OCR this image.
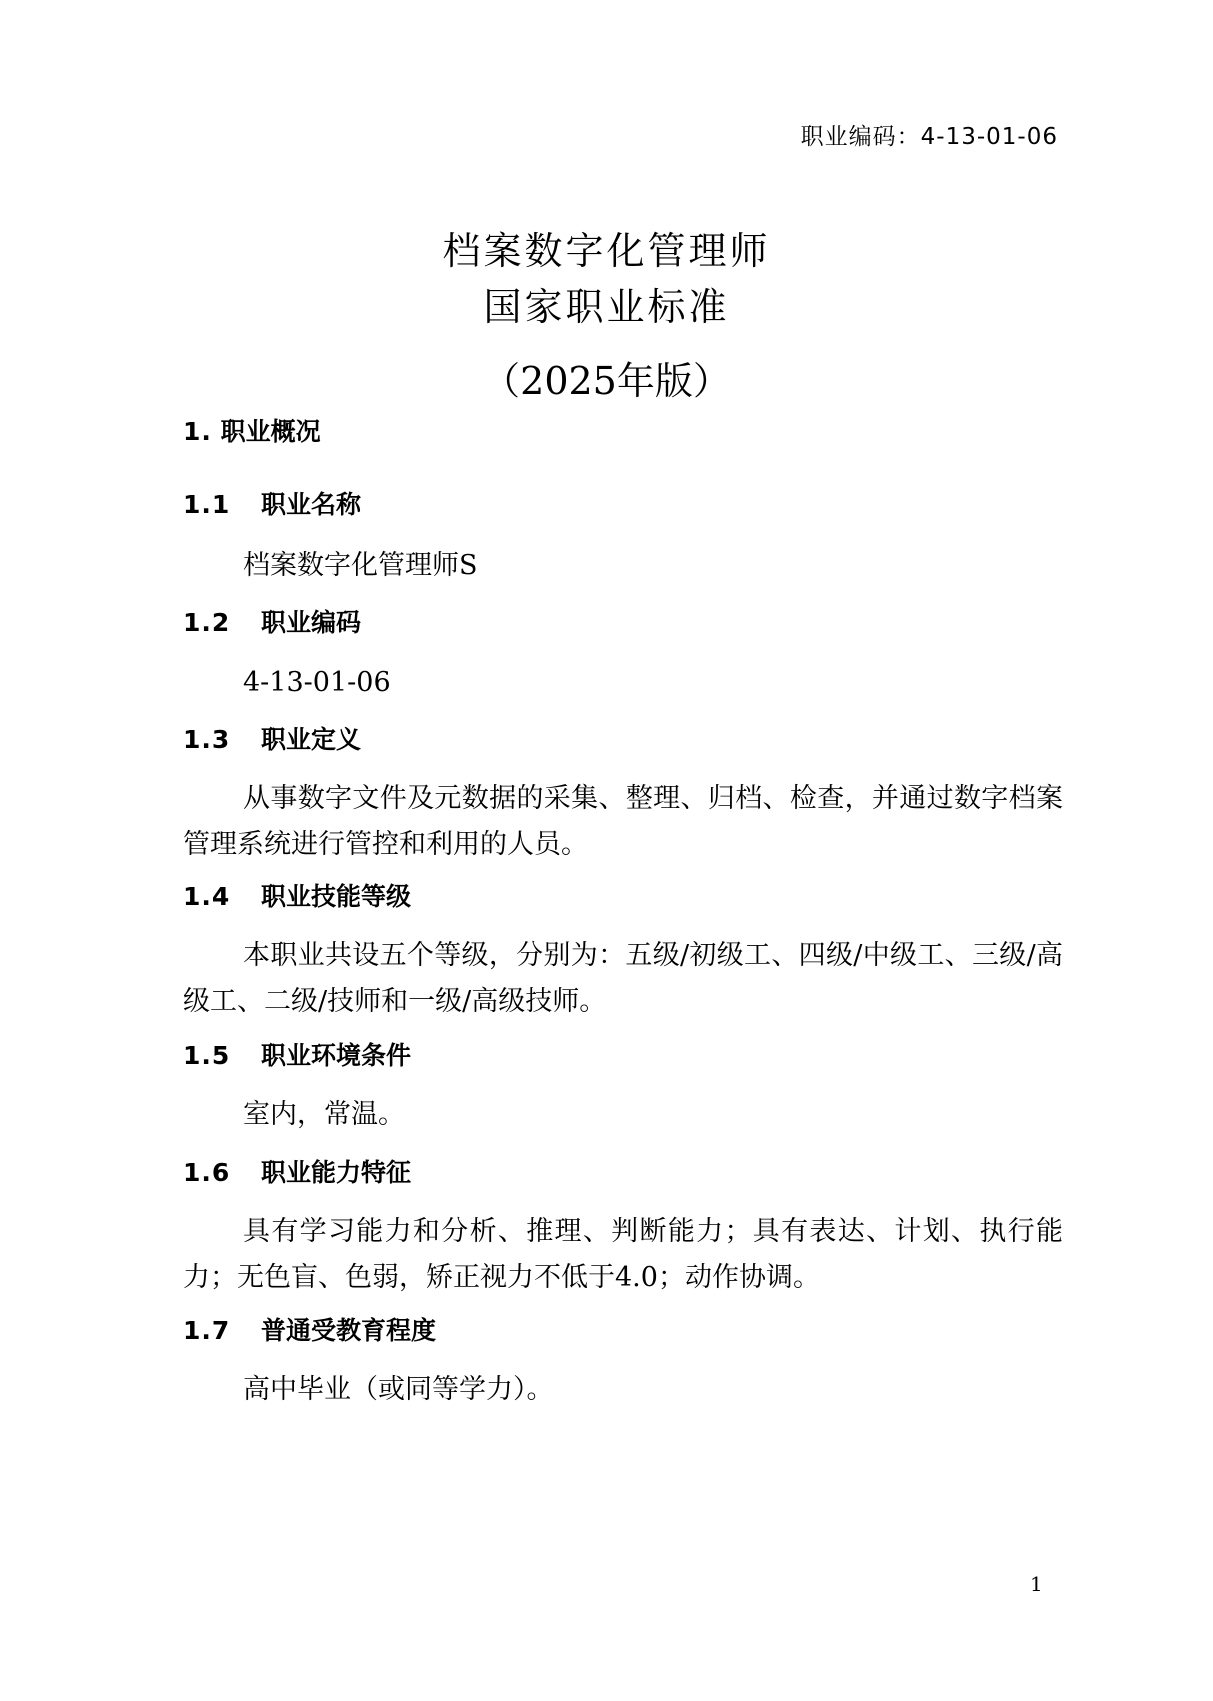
职业编码：4-13-01-06

档案数字化管理师
国家职业标准

（2025年版）

1. 职业概况
1.1 职业名称

档案数字化管理师S

1.2 职业编码

4-13-01-06

1.3 职业定义

从事数字文件及元数据的采集、整理、归档、检查，并通过数字档案管理系统进行管控和利用的人员。

1.4 职业技能等级

本职业共设五个等级，分别为：五级/初级工、四级/中级工、三级/高级工、二级/技师和一级/高级技师。

1.5 职业环境条件

室内，常温。

1.6 职业能力特征

具有学习能力和分析、推理、判断能力；具有表达、计划、执行能力；无色盲、色弱，矫正视力不低于4.0；动作协调。

1.7 普通受教育程度

高中毕业（或同等学力）。

1
